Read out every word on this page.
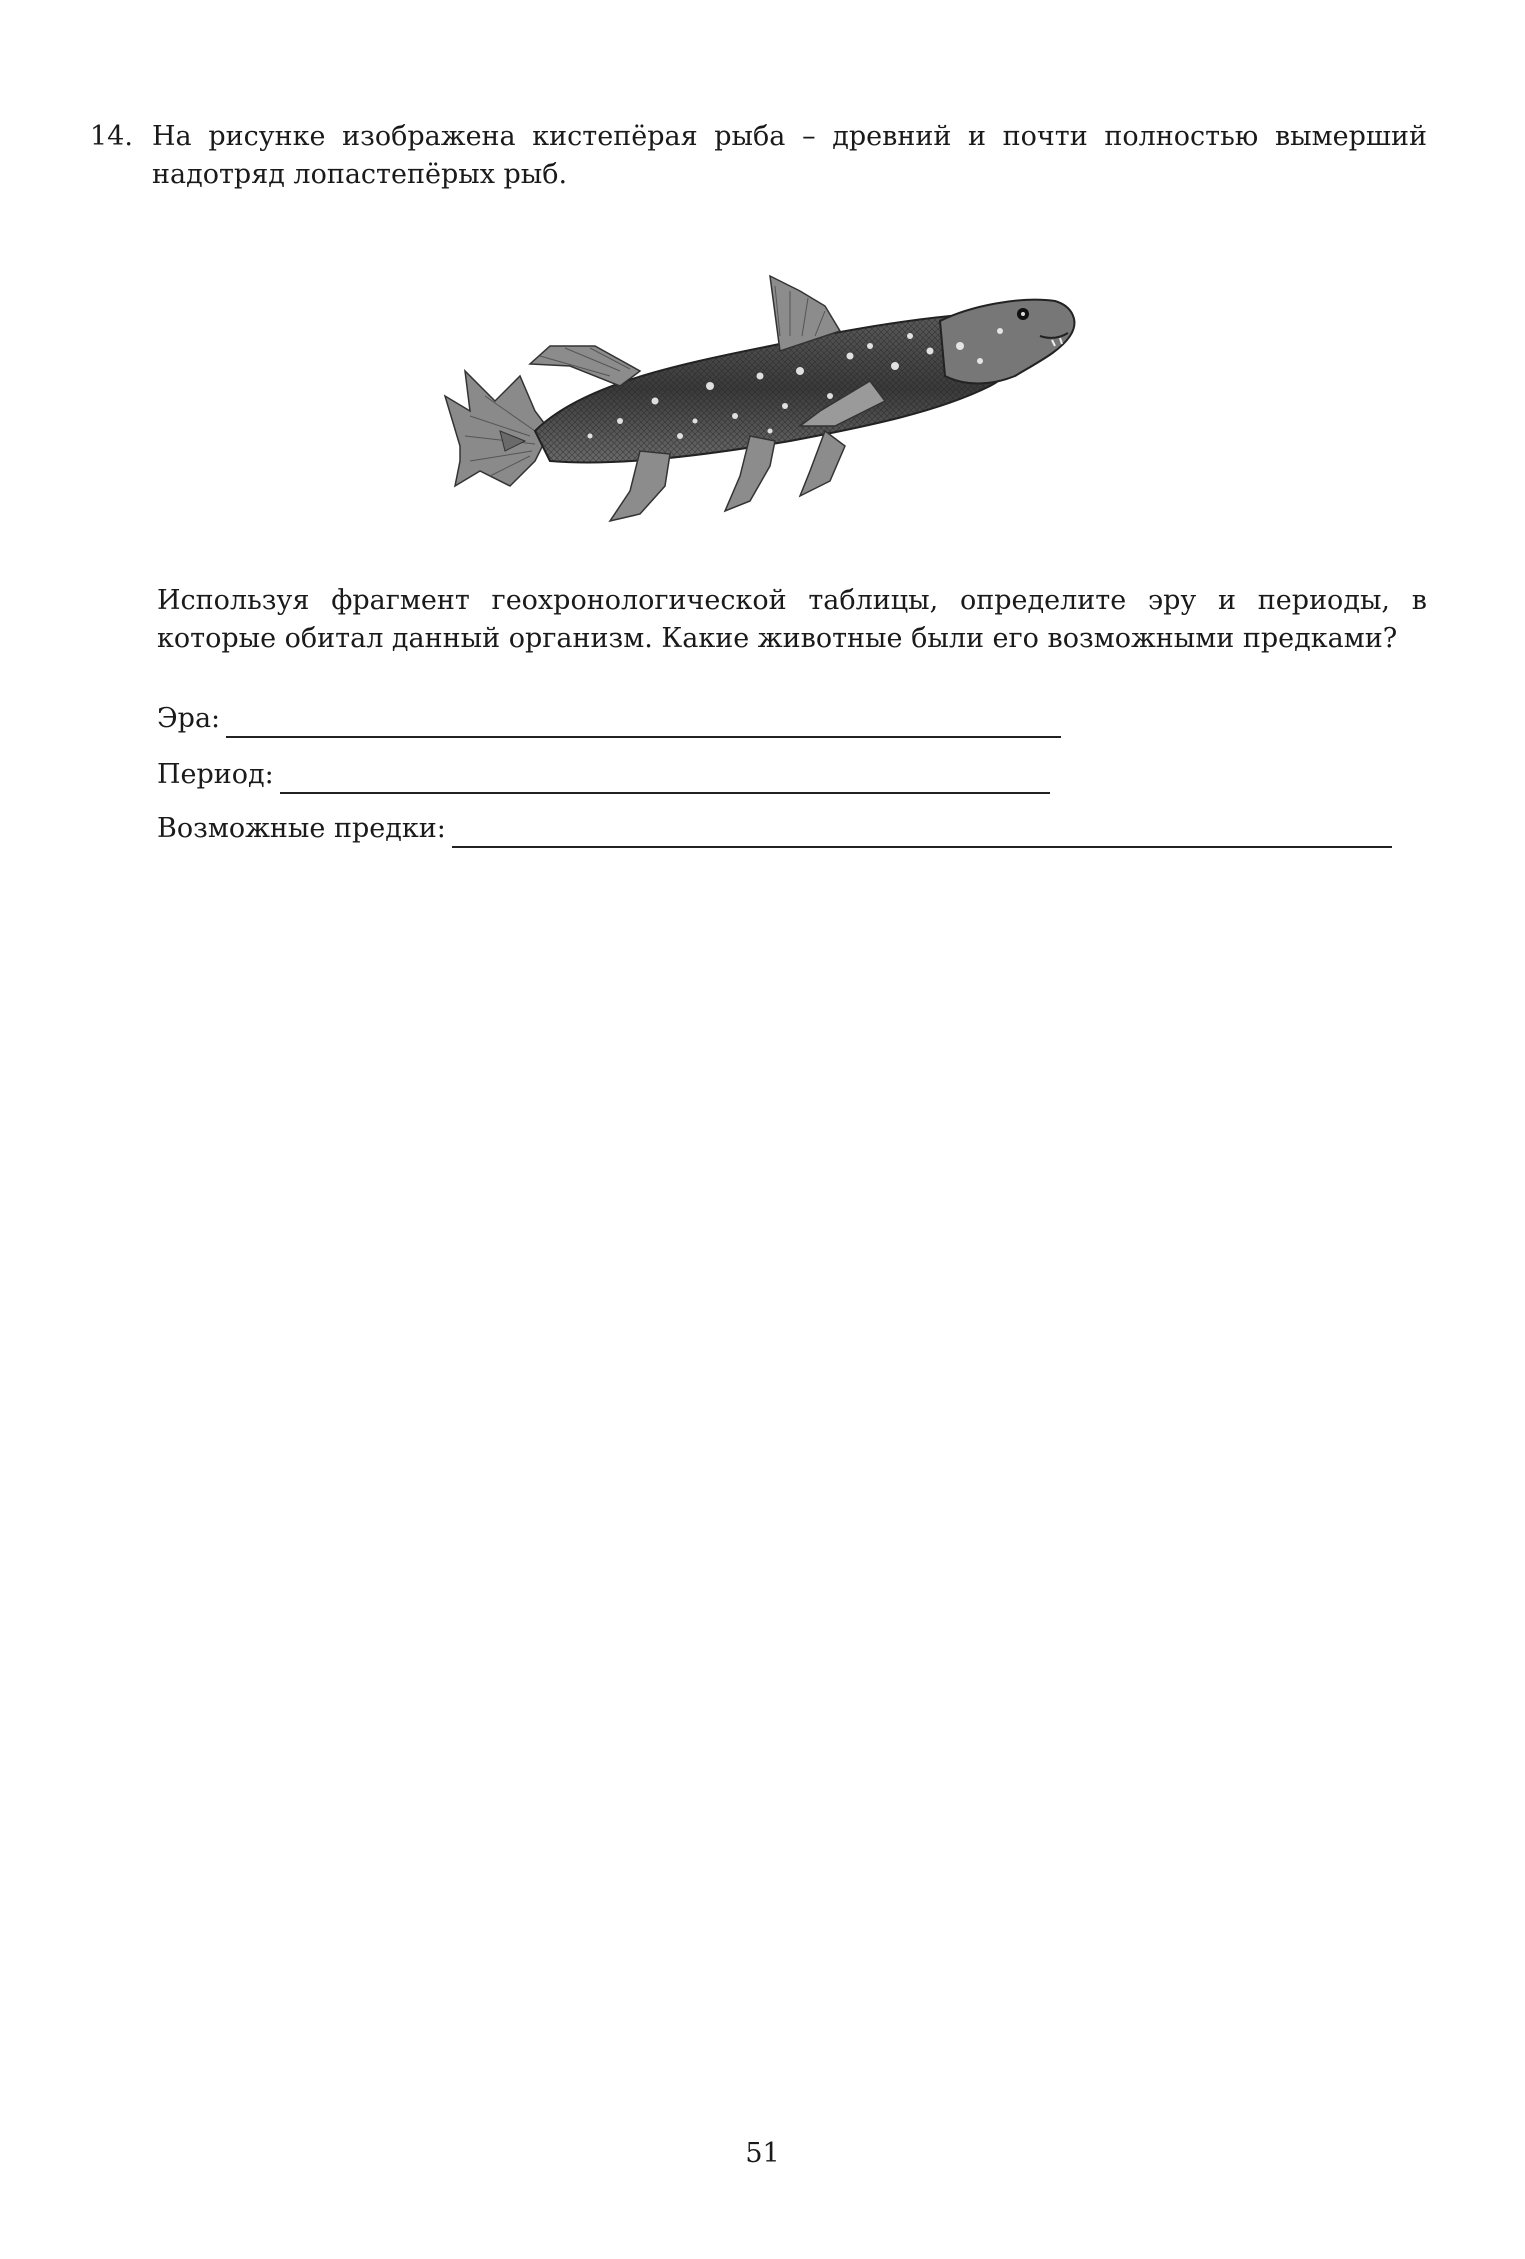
14. На рисунке изображена кистепёрая рыба – древний и почти полностью вымерший надотряд лопастепёрых рыб.
Используя фрагмент геохронологической таблицы, определите эру и периоды, в которые обитал данный организм. Какие животные были его возможными предками?
Эра:
Период:
Возможные предки:
51
